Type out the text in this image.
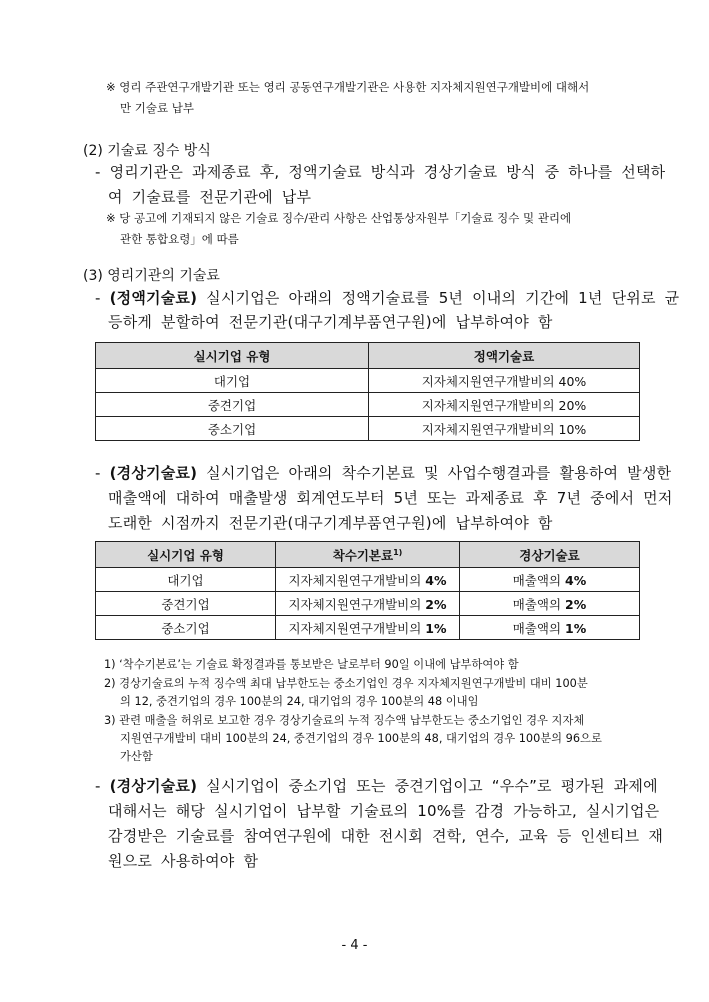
※ 영리 주관연구개발기관 또는 영리 공동연구개발기관은 사용한 지자체지원연구개발비에 대해서
만 기술료 납부
(2) 기술료 징수 방식
- 영리기관은 과제종료 후, 정액기술료 방식과 경상기술료 방식 중 하나를 선택하
여 기술료를 전문기관에 납부
※ 당 공고에 기재되지 않은 기술료 징수/관리 사항은 산업통상자원부「기술료 징수 및 관리에
관한 통합요령」에 따름
(3) 영리기관의 기술료
- (정액기술료) 실시기업은 아래의 정액기술료를 5년 이내의 기간에 1년 단위로 균
등하게 분할하여 전문기관(대구기계부품연구원)에 납부하여야 함
실시기업 유형	정액기술료
대기업	지자체지원연구개발비의 40%
중견기업	지자체지원연구개발비의 20%
중소기업	지자체지원연구개발비의 10%
- (경상기술료) 실시기업은 아래의 착수기본료 및 사업수행결과를 활용하여 발생한
매출액에 대하여 매출발생 회계연도부터 5년 또는 과제종료 후 7년 중에서 먼저
도래한 시점까지 전문기관(대구기계부품연구원)에 납부하여야 함
실시기업 유형	착수기본료$^{1)}$	경상기술료
대기업	지자체지원연구개발비의 4%	매출액의 4%
중견기업	지자체지원연구개발비의 2%	매출액의 2%
중소기업	지자체지원연구개발비의 1%	매출액의 1%
1) ‘착수기본료’는 기술료 확정결과를 통보받은 날로부터 90일 이내에 납부하여야 함
2) 경상기술료의 누적 징수액 최대 납부한도는 중소기업인 경우 지자체지원연구개발비 대비 100분
의 12, 중견기업의 경우 100분의 24, 대기업의 경우 100분의 48 이내임
3) 관련 매출을 허위로 보고한 경우 경상기술료의 누적 징수액 납부한도는 중소기업인 경우 지자체
지원연구개발비 대비 100분의 24, 중견기업의 경우 100분의 48, 대기업의 경우 100분의 96으로
가산함
- (경상기술료) 실시기업이 중소기업 또는 중견기업이고 “우수”로 평가된 과제에
대해서는 해당 실시기업이 납부할 기술료의 10%를 감경 가능하고, 실시기업은
감경받은 기술료를 참여연구원에 대한 전시회 견학, 연수, 교육 등 인센티브 재
원으로 사용하여야 함
- 4 -
